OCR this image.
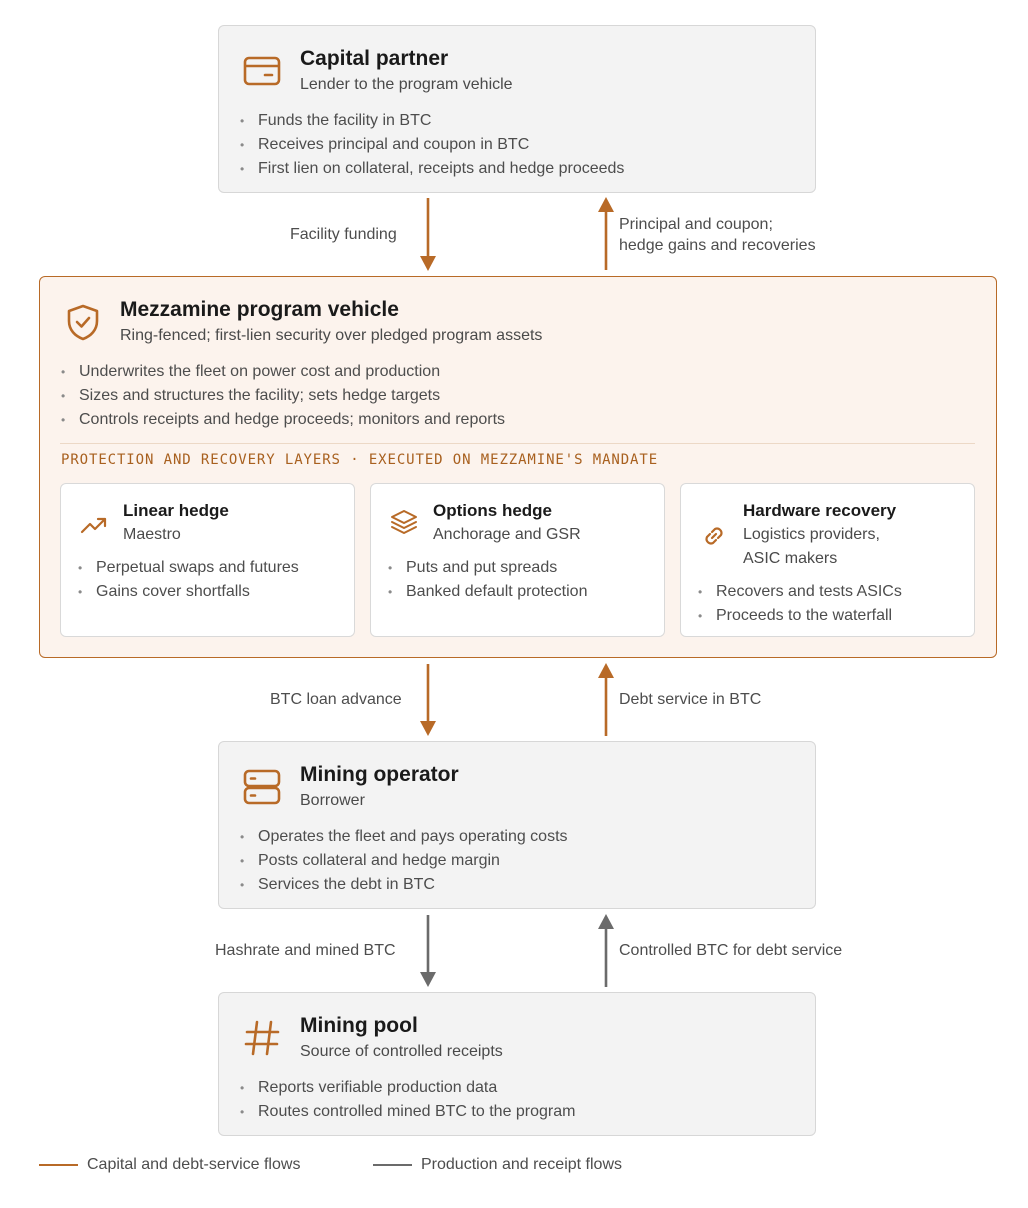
Capital partner
Lender to the program vehicle
• Funds the facility in BTC
• Receives principal and coupon in BTC
• First lien on collateral, receipts and hedge proceeds
Facility funding
Principal and coupon;
hedge gains and recoveries
Mezzamine program vehicle
Ring-fenced; first-lien security over pledged program assets
• Underwrites the fleet on power cost and production
• Sizes and structures the facility; sets hedge targets
• Controls receipts and hedge proceeds; monitors and reports
PROTECTION AND RECOVERY LAYERS · EXECUTED ON MEZZAMINE'S MANDATE
Linear hedge
Maestro
• Perpetual swaps and futures
• Gains cover shortfalls
Options hedge
Anchorage and GSR
• Puts and put spreads
• Banked default protection
Hardware recovery
Logistics providers,
ASIC makers
• Recovers and tests ASICs
• Proceeds to the waterfall
BTC loan advance	Debt service in BTC
Mining operator
Borrower
• Operates the fleet and pays operating costs
• Posts collateral and hedge margin
• Services the debt in BTC
Hashrate and mined BTC	Controlled BTC for debt service
Mining pool
Source of controlled receipts
• Reports verifiable production data
• Routes controlled mined BTC to the program
Capital and debt-service flows	Production and receipt flows
